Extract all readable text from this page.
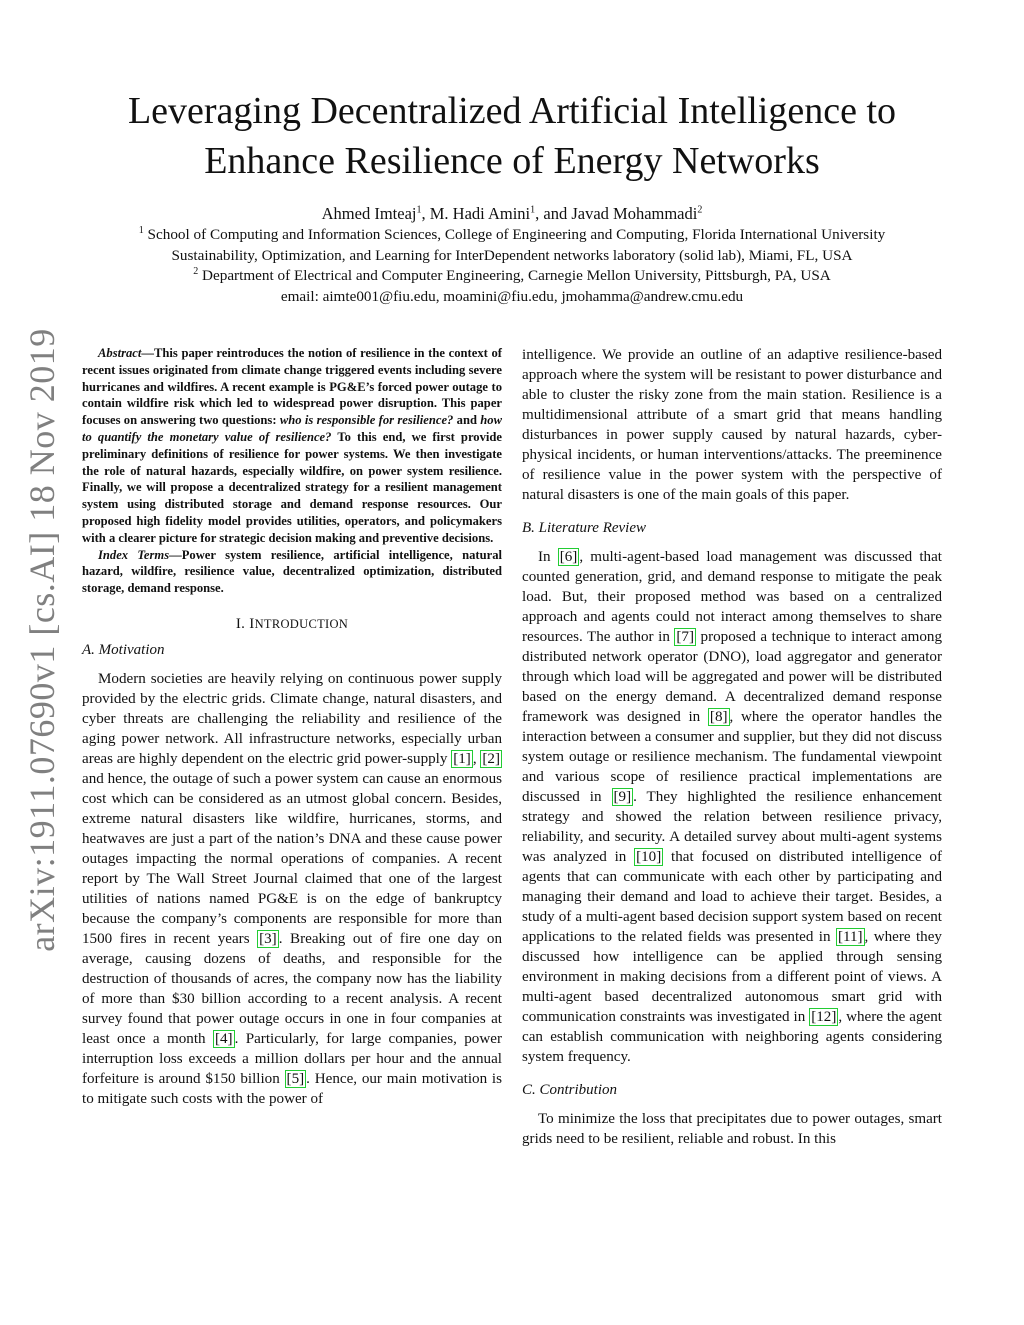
arXiv:1911.07690v1 [cs.AI] 18 Nov 2019
Leveraging Decentralized Artificial Intelligence to
Enhance Resilience of Energy Networks
Ahmed Imteaj$^1$, M. Hadi Amini$^1$, and Javad Mohammadi$^2$
$^1$ School of Computing and Information Sciences, College of Engineering and Computing, Florida International University
Sustainability, Optimization, and Learning for InterDependent networks laboratory (solid lab), Miami, FL, USA
$^2$ Department of Electrical and Computer Engineering, Carnegie Mellon University, Pittsburgh, PA, USA
email: aimte001@fiu.edu, moamini@fiu.edu, jmohamma@andrew.cmu.edu

Abstract—This paper reintroduces the notion of resilience in the context of recent issues originated from climate change triggered events including severe hurricanes and wildfires. A recent example is PG&E’s forced power outage to contain wildfire risk which led to widespread power disruption. This paper focuses on answering two questions: who is responsible for resilience? and how to quantify the monetary value of resilience? To this end, we first provide preliminary definitions of resilience for power systems. We then investigate the role of natural hazards, especially wildfire, on power system resilience. Finally, we will propose a decentralized strategy for a resilient management system using distributed storage and demand response resources. Our proposed high fidelity model provides utilities, operators, and policymakers with a clearer picture for strategic decision making and preventive decisions.

Index Terms—Power system resilience, artificial intelligence, natural hazard, wildfire, resilience value, decentralized optimization, distributed storage, demand response.

I. INTRODUCTION
A. Motivation

Modern societies are heavily relying on continuous power supply provided by the electric grids. Climate change, natural disasters, and cyber threats are challenging the reliability and resilience of the aging power network. All infrastructure networks, especially urban areas are highly dependent on the electric grid power-supply [1] , [2] and hence, the outage of such a power system can cause an enormous cost which can be considered as an utmost global concern. Besides, extreme natural disasters like wildfire, hurricanes, storms, and heatwaves are just a part of the nation’s DNA and these cause power outages impacting the normal operations of companies. A recent report by The Wall Street Journal claimed that one of the largest utilities of nations named PG&E is on the edge of bankruptcy because the company’s components are responsible for more than 1500 fires in recent years [3] . Breaking out of fire one day on average, causing dozens of deaths, and responsible for the destruction of thousands of acres, the company now has the liability of more than $30 billion according to a recent analysis. A recent survey found that power outage occurs in one in four companies at least once a month [4] . Particularly, for large companies, power interruption loss exceeds a million dollars per hour and the annual forfeiture is around $150 billion [5] . Hence, our main motivation is to mitigate such costs with the power of

intelligence. We provide an outline of an adaptive resilience-based approach where the system will be resistant to power disturbance and able to cluster the risky zone from the main station. Resilience is a multidimensional attribute of a smart grid that means handling disturbances in power supply caused by natural hazards, cyber-physical incidents, or human interventions/attacks. The preeminence of resilience value in the power system with the perspective of natural disasters is one of the main goals of this paper.

B. Literature Review

In [6] , multi-agent-based load management was discussed that counted generation, grid, and demand response to mitigate the peak load. But, their proposed method was based on a centralized approach and agents could not interact among themselves to share resources. The author in [7] proposed a technique to interact among distributed network operator (DNO), load aggregator and generator through which load will be aggregated and power will be distributed based on the energy demand. A decentralized demand response framework was designed in [8] , where the operator handles the interaction between a consumer and supplier, but they did not discuss system outage or resilience mechanism. The fundamental viewpoint and various scope of resilience practical implementations are discussed in [9] . They highlighted the resilience enhancement strategy and showed the relation between resilience privacy, reliability, and security. A detailed survey about multi-agent systems was analyzed in [10] that focused on distributed intelligence of agents that can communicate with each other by participating and managing their demand and load to achieve their target. Besides, a study of a multi-agent based decision support system based on recent applications to the related fields was presented in [11] , where they discussed how intelligence can be applied through sensing environment in making decisions from a different point of views. A multi-agent based decentralized autonomous smart grid with communication constraints was investigated in [12] , where the agent can establish communication with neighboring agents considering system frequency.

C. Contribution

To minimize the loss that precipitates due to power outages, smart grids need to be resilient, reliable and robust. In this
